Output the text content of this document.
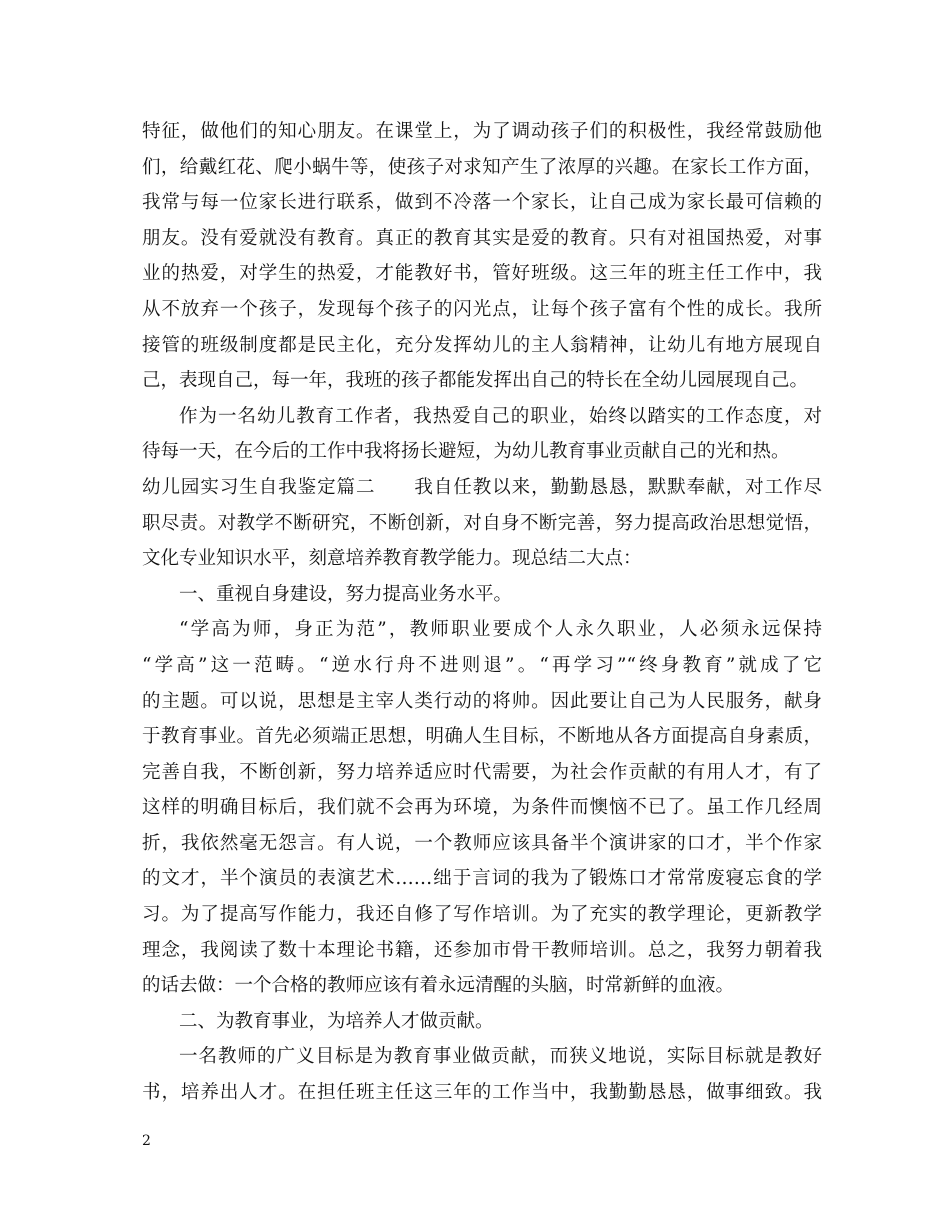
特征，做他们的知心朋友。在课堂上，为了调动孩子们的积极性，我经常鼓励他
们，给戴红花、爬小蜗牛等，使孩子对求知产生了浓厚的兴趣。在家长工作方面，
我常与每一位家长进行联系，做到不冷落一个家长，让自己成为家长最可信赖的
朋友。没有爱就没有教育。真正的教育其实是爱的教育。只有对祖国热爱，对事
业的热爱，对学生的热爱，才能教好书，管好班级。这三年的班主任工作中，我
从不放弃一个孩子，发现每个孩子的闪光点，让每个孩子富有个性的成长。我所
接管的班级制度都是民主化，充分发挥幼儿的主人翁精神，让幼儿有地方展现自
己，表现自己，每一年，我班的孩子都能发挥出自己的特长在全幼儿园展现自己。
作为一名幼儿教育工作者，我热爱自己的职业，始终以踏实的工作态度，对
待每一天，在今后的工作中我将扬长避短，为幼儿教育事业贡献自己的光和热。
幼儿园实习生自我鉴定篇二　　我自任教以来，勤勤恳恳，默默奉献，对工作尽
职尽责。对教学不断研究，不断创新，对自身不断完善，努力提高政治思想觉悟，
文化专业知识水平，刻意培养教育教学能力。现总结二大点：
一、重视自身建设，努力提高业务水平。
“学高为师，身正为范”，教师职业要成个人永久职业，人必须永远保持
“学高”这一范畴。“逆水行舟不进则退”。“再学习”“终身教育”就成了它
的主题。可以说，思想是主宰人类行动的将帅。因此要让自己为人民服务，献身
于教育事业。首先必须端正思想，明确人生目标，不断地从各方面提高自身素质，
完善自我，不断创新，努力培养适应时代需要，为社会作贡献的有用人才，有了
这样的明确目标后，我们就不会再为环境，为条件而懊恼不已了。虽工作几经周
折，我依然毫无怨言。有人说，一个教师应该具备半个演讲家的口才，半个作家
的文才，半个演员的表演艺术……绌于言词的我为了锻炼口才常常废寝忘食的学
习。为了提高写作能力，我还自修了写作培训。为了充实的教学理论，更新教学
理念，我阅读了数十本理论书籍，还参加市骨干教师培训。总之，我努力朝着我
的话去做：一个合格的教师应该有着永远清醒的头脑，时常新鲜的血液。
二、为教育事业，为培养人才做贡献。
一名教师的广义目标是为教育事业做贡献，而狭义地说，实际目标就是教好
书，培养出人才。在担任班主任这三年的工作当中，我勤勤恳恳，做事细致。我
2
